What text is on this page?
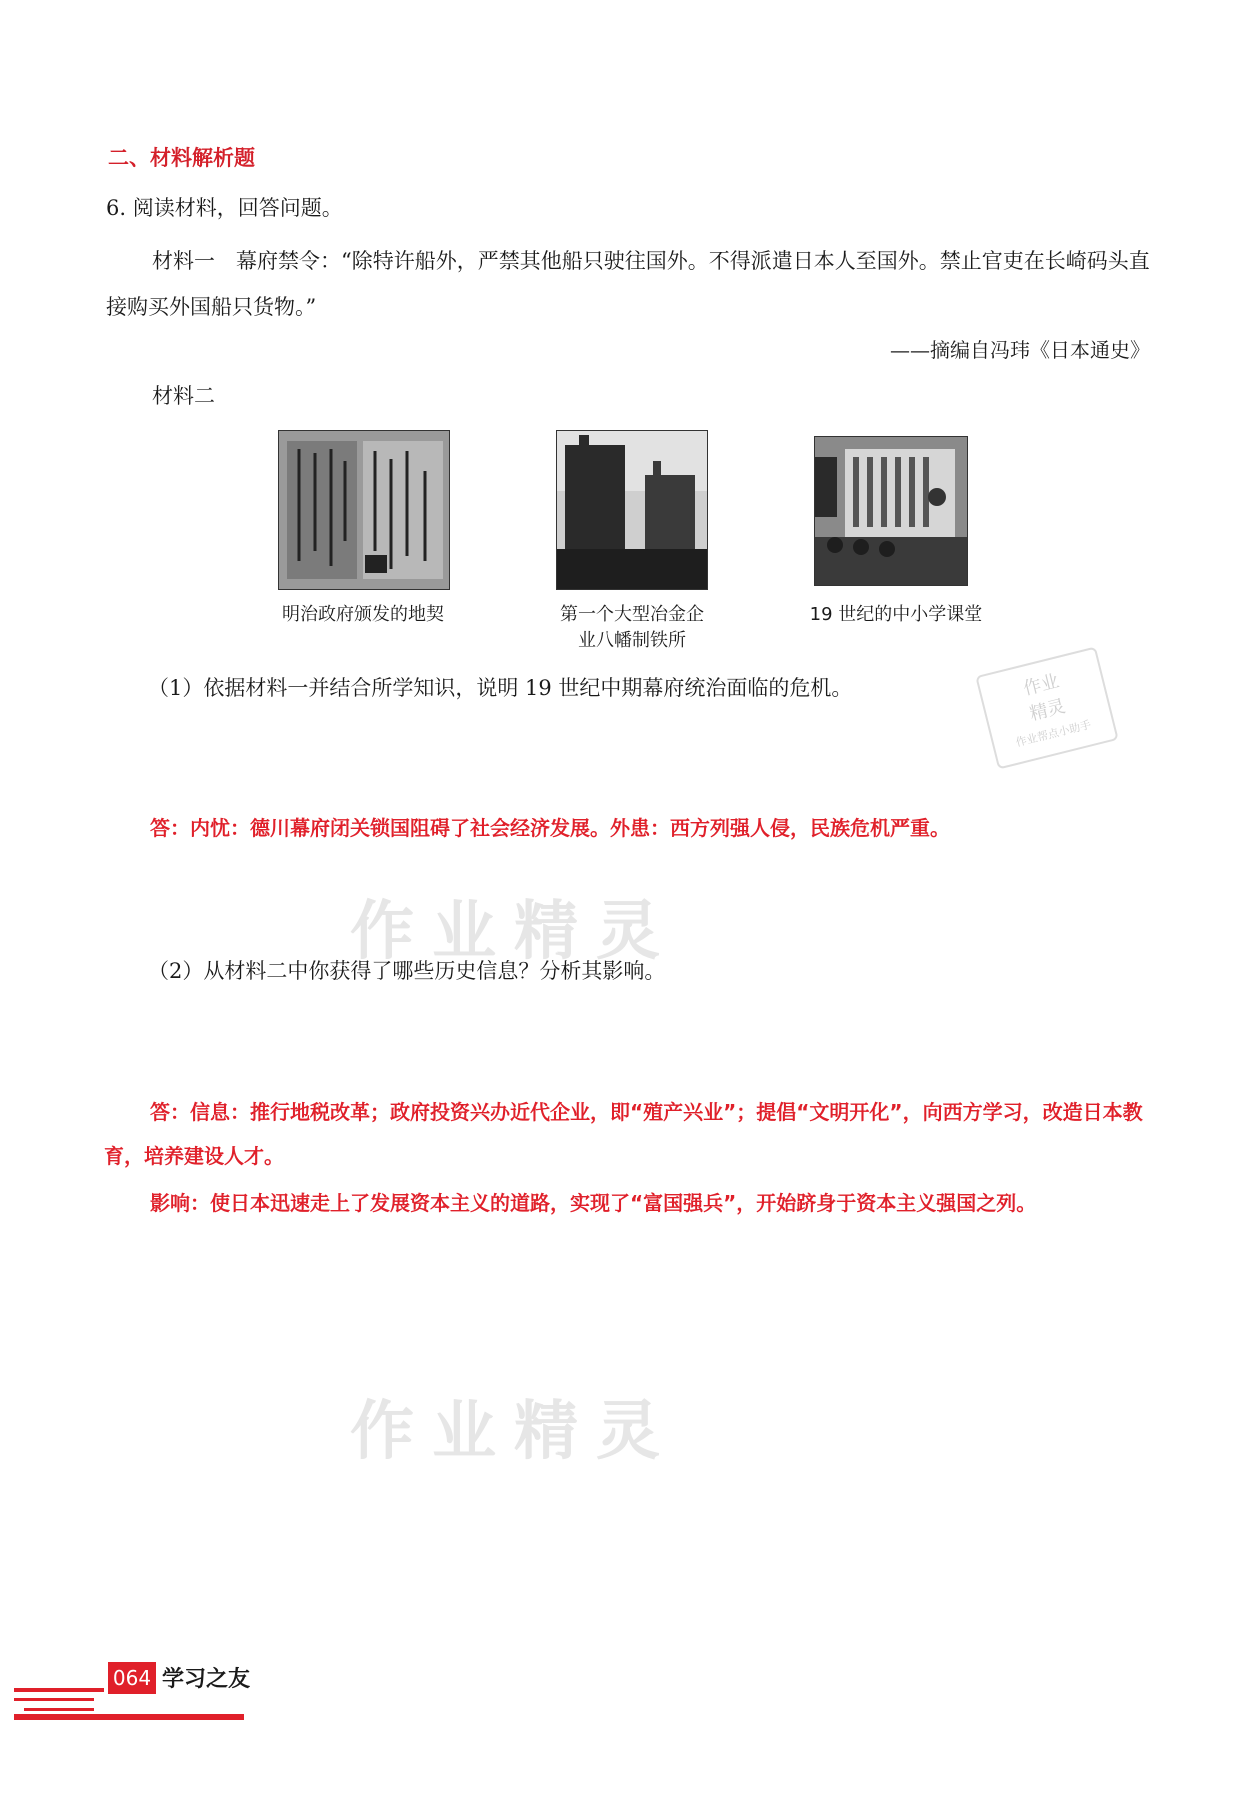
二、材料解析题
6. 阅读材料，回答问题。
材料一　幕府禁令：“除特许船外，严禁其他船只驶往国外。不得派遣日本人至国外。禁止官吏在长崎码头直接购买外国船只货物。”
——摘编自冯玮《日本通史》
材料二
明治政府颁发的地契	第一个大型冶金企业八幡制铁所
19 世纪的中小学课堂
作业
精灵
作业帮点小助手
（1）依据材料一并结合所学知识，说明 19 世纪中期幕府统治面临的危机。
答：内忧：德川幕府闭关锁国阻碍了社会经济发展。外患：西方列强人侵，民族危机严重。
作业精灵
（2）从材料二中你获得了哪些历史信息？分析其影响。
答：信息：推行地税改革；政府投资兴办近代企业，即“殖产兴业”；提倡“文明开化”，向西方学习，改造日本教育，培养建设人才。
影响：使日本迅速走上了发展资本主义的道路，实现了“富国强兵”，开始跻身于资本主义强国之列。
作业精灵
064 学习之友
